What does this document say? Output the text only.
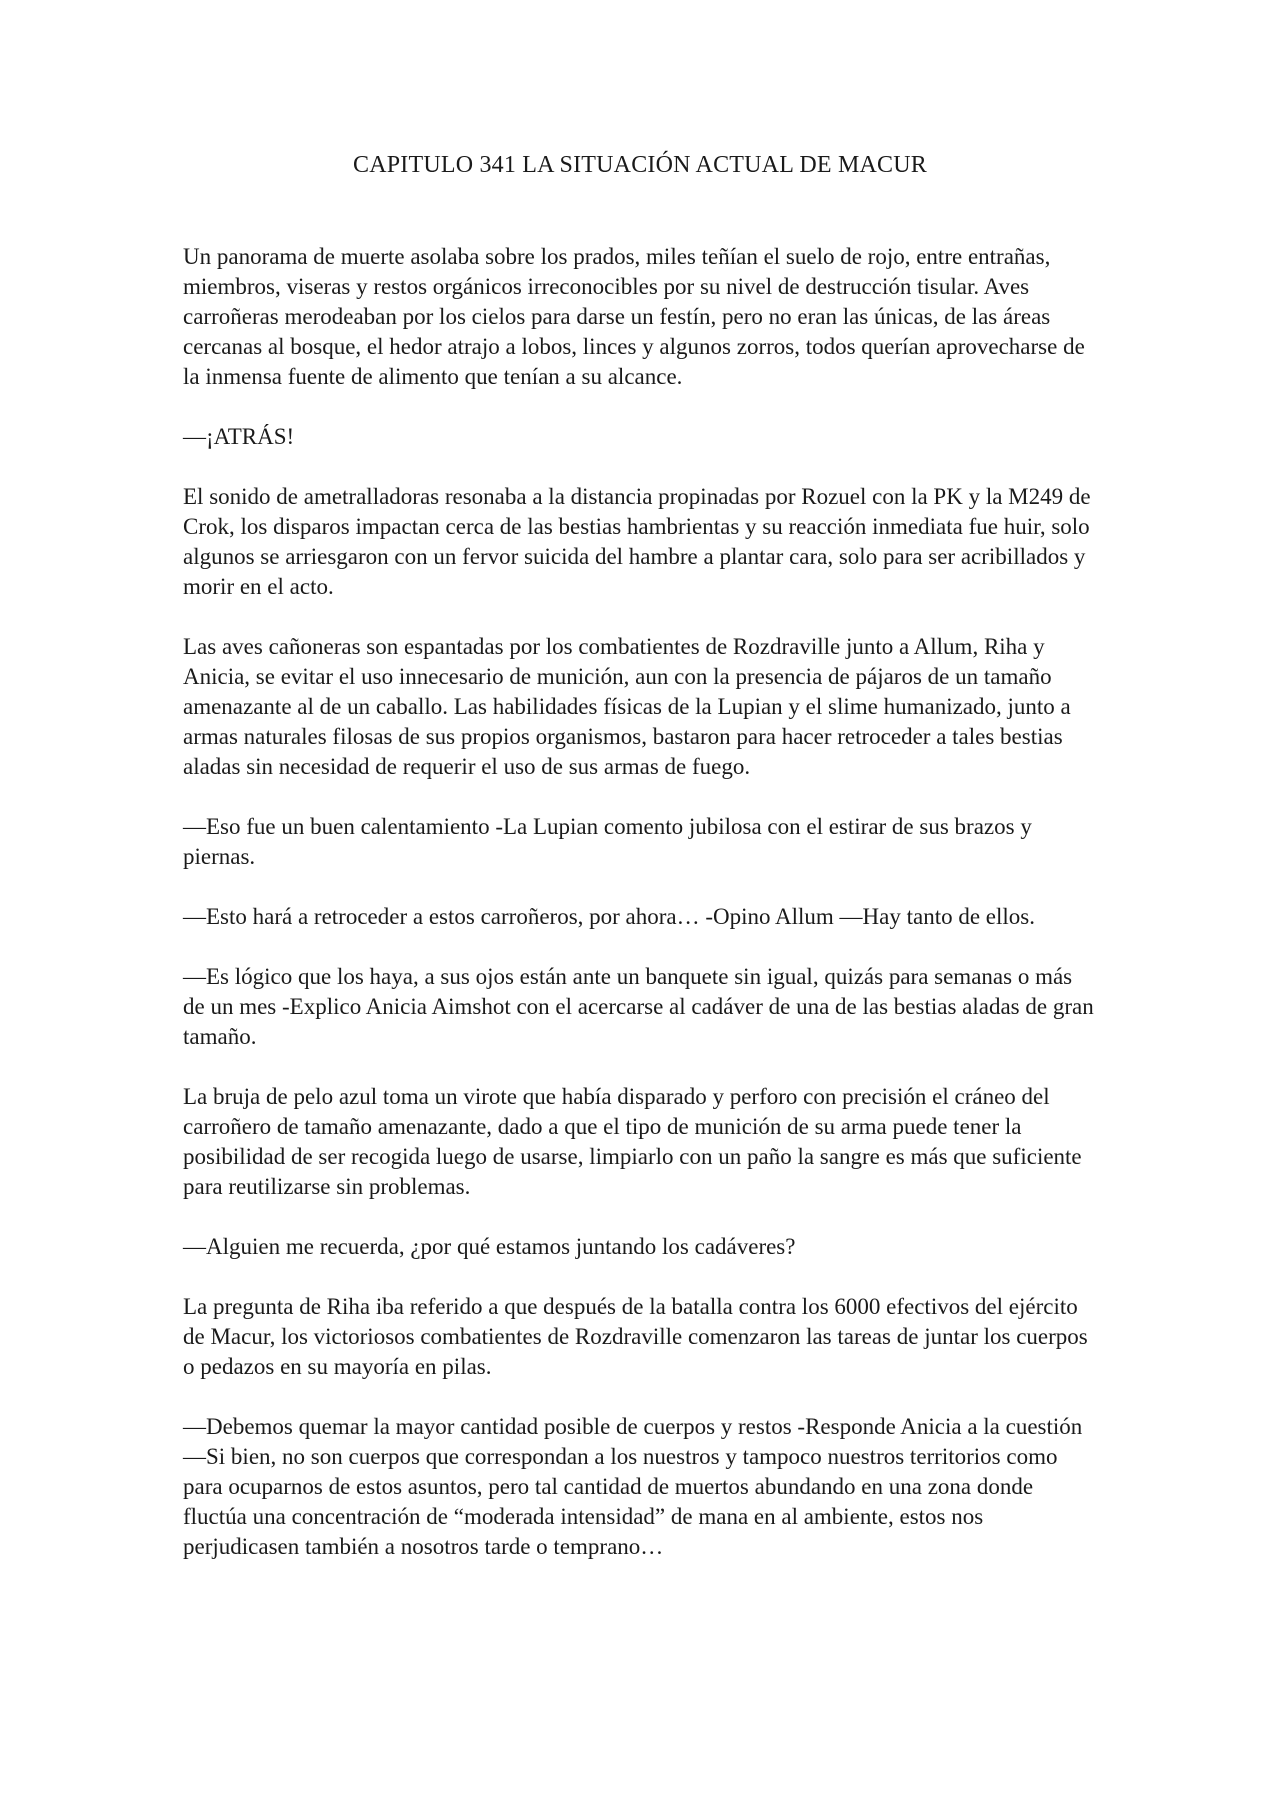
CAPITULO 341 LA SITUACIÓN ACTUAL DE MACUR

Un panorama de muerte asolaba sobre los prados, miles teñían el suelo de rojo, entre entrañas, miembros, viseras y restos orgánicos irreconocibles por su nivel de destrucción tisular. Aves carroñeras merodeaban por los cielos para darse un festín, pero no eran las únicas, de las áreas cercanas al bosque, el hedor atrajo a lobos, linces y algunos zorros, todos querían aprovecharse de la inmensa fuente de alimento que tenían a su alcance.

—¡ATRÁS!

El sonido de ametralladoras resonaba a la distancia propinadas por Rozuel con la PK y la M249 de Crok, los disparos impactan cerca de las bestias hambrientas y su reacción inmediata fue huir, solo algunos se arriesgaron con un fervor suicida del hambre a plantar cara, solo para ser acribillados y morir en el acto.

Las aves cañoneras son espantadas por los combatientes de Rozdraville junto a Allum, Riha y Anicia, se evitar el uso innecesario de munición, aun con la presencia de pájaros de un tamaño amenazante al de un caballo. Las habilidades físicas de la Lupian y el slime humanizado, junto a armas naturales filosas de sus propios organismos, bastaron para hacer retroceder a tales bestias aladas sin necesidad de requerir el uso de sus armas de fuego.

—Eso fue un buen calentamiento -La Lupian comento jubilosa con el estirar de sus brazos y piernas.

—Esto hará a retroceder a estos carroñeros, por ahora… -Opino Allum —Hay tanto de ellos.

—Es lógico que los haya, a sus ojos están ante un banquete sin igual, quizás para semanas o más de un mes -Explico Anicia Aimshot con el acercarse al cadáver de una de las bestias aladas de gran tamaño.

La bruja de pelo azul toma un virote que había disparado y perforo con precisión el cráneo del carroñero de tamaño amenazante, dado a que el tipo de munición de su arma puede tener la posibilidad de ser recogida luego de usarse, limpiarlo con un paño la sangre es más que suficiente para reutilizarse sin problemas.

—Alguien me recuerda, ¿por qué estamos juntando los cadáveres?

La pregunta de Riha iba referido a que después de la batalla contra los 6000 efectivos del ejército de Macur, los victoriosos combatientes de Rozdraville comenzaron las tareas de juntar los cuerpos o pedazos en su mayoría en pilas.

—Debemos quemar la mayor cantidad posible de cuerpos y restos -Responde Anicia a la cuestión —Si bien, no son cuerpos que correspondan a los nuestros y tampoco nuestros territorios como para ocuparnos de estos asuntos, pero tal cantidad de muertos abundando en una zona donde fluctúa una concentración de “moderada intensidad” de mana en al ambiente, estos nos perjudicasen también a nosotros tarde o temprano…
